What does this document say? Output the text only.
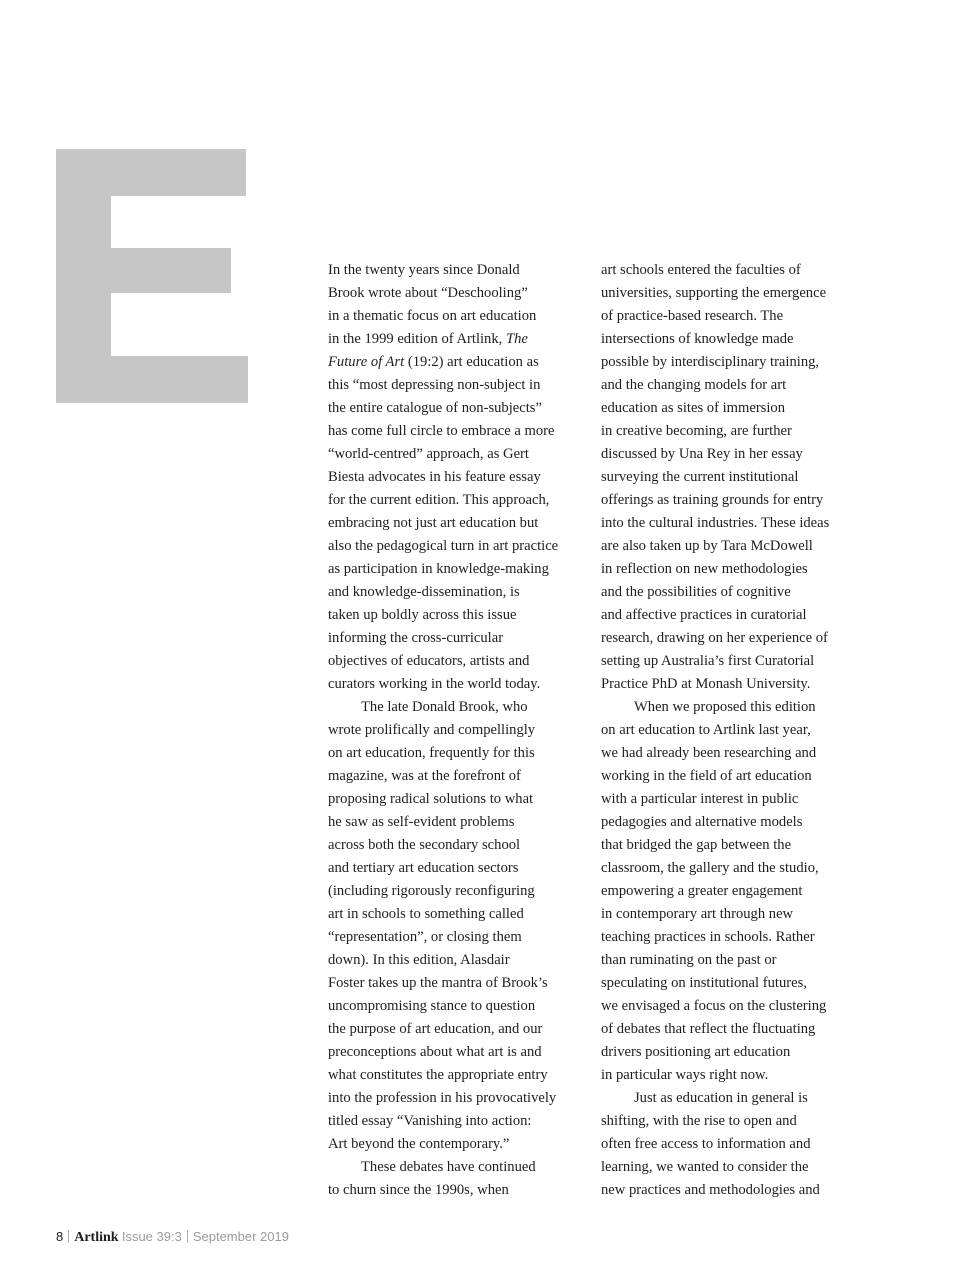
In the twenty years since Donald
Brook wrote about “Deschooling”
in a thematic focus on art education
in the 1999 edition of Artlink, The
Future of Art (19:2) art education as
this “most depressing non-subject in
the entire catalogue of non-subjects”
has come full circle to embrace a more
“world-centred” approach, as Gert
Biesta advocates in his feature essay
for the current edition. This approach,
embracing not just art education but
also the pedagogical turn in art practice
as participation in knowledge-making
and knowledge-dissemination, is
taken up boldly across this issue
informing the cross-curricular
objectives of educators, artists and
curators working in the world today.
The late Donald Brook, who
wrote prolifically and compellingly
on art education, frequently for this
magazine, was at the forefront of
proposing radical solutions to what
he saw as self-evident problems
across both the secondary school
and tertiary art education sectors
(including rigorously reconfiguring
art in schools to something called
“representation”, or closing them
down). In this edition, Alasdair
Foster takes up the mantra of Brook’s
uncompromising stance to question
the purpose of art education, and our
preconceptions about what art is and
what constitutes the appropriate entry
into the profession in his provocatively
titled essay “Vanishing into action:
Art beyond the contemporary.”
These debates have continued
to churn since the 1990s, when
art schools entered the faculties of
universities, supporting the emergence
of practice-based research. The
intersections of knowledge made
possible by interdisciplinary training,
and the changing models for art
education as sites of immersion
in creative becoming, are further
discussed by Una Rey in her essay
surveying the current institutional
offerings as training grounds for entry
into the cultural industries. These ideas
are also taken up by Tara McDowell
in reflection on new methodologies
and the possibilities of cognitive
and affective practices in curatorial
research, drawing on her experience of
setting up Australia’s first Curatorial
Practice PhD at Monash University.
When we proposed this edition
on art education to Artlink last year,
we had already been researching and
working in the field of art education
with a particular interest in public
pedagogies and alternative models
that bridged the gap between the
classroom, the gallery and the studio,
empowering a greater engagement
in contemporary art through new
teaching practices in schools. Rather
than ruminating on the past or
speculating on institutional futures,
we envisaged a focus on the clustering
of debates that reflect the fluctuating
drivers positioning art education
in particular ways right now.
Just as education in general is
shifting, with the rise to open and
often free access to information and
learning, we wanted to consider the
new practices and methodologies and
8 Artlink Issue 39:3 September 2019
